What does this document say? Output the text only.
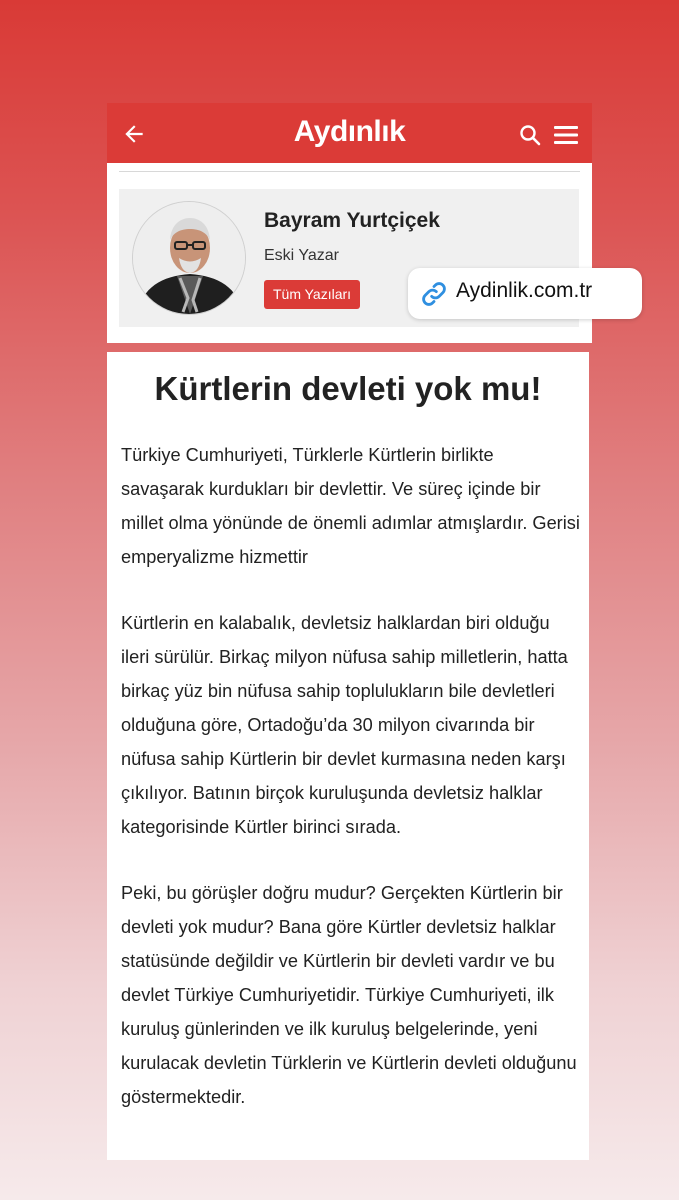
Aydınlık
Bayram Yurtçiçek
Eski Yazar
Tüm Yazıları	Aydinlik.com.tr
Kürtlerin devleti yok mu!

Türkiye Cumhuriyeti, Türklerle Kürtlerin birlikte savaşarak kurdukları bir devlettir. Ve süreç içinde bir millet olma yönünde de önemli adımlar atmışlardır. Gerisi emperyalizme hizmettir

Kürtlerin en kalabalık, devletsiz halklardan biri olduğu ileri sürülür. Birkaç milyon nüfusa sahip milletlerin, hatta birkaç yüz bin nüfusa sahip toplulukların bile devletleri olduğuna göre, Ortadoğu’da 30 milyon civarında bir nüfusa sahip Kürtlerin bir devlet kurmasına neden karşı çıkılıyor. Batının birçok kuruluşunda devletsiz halklar kategorisinde Kürtler birinci sırada.

Peki, bu görüşler doğru mudur? Gerçekten Kürtlerin bir devleti yok mudur? Bana göre Kürtler devletsiz halklar statüsünde değildir ve Kürtlerin bir devleti vardır ve bu devlet Türkiye Cumhuriyetidir. Türkiye Cumhuriyeti, ilk kuruluş günlerinden ve ilk kuruluş belgelerinde, yeni kurulacak devletin Türklerin ve Kürtlerin devleti olduğunu göstermektedir.
